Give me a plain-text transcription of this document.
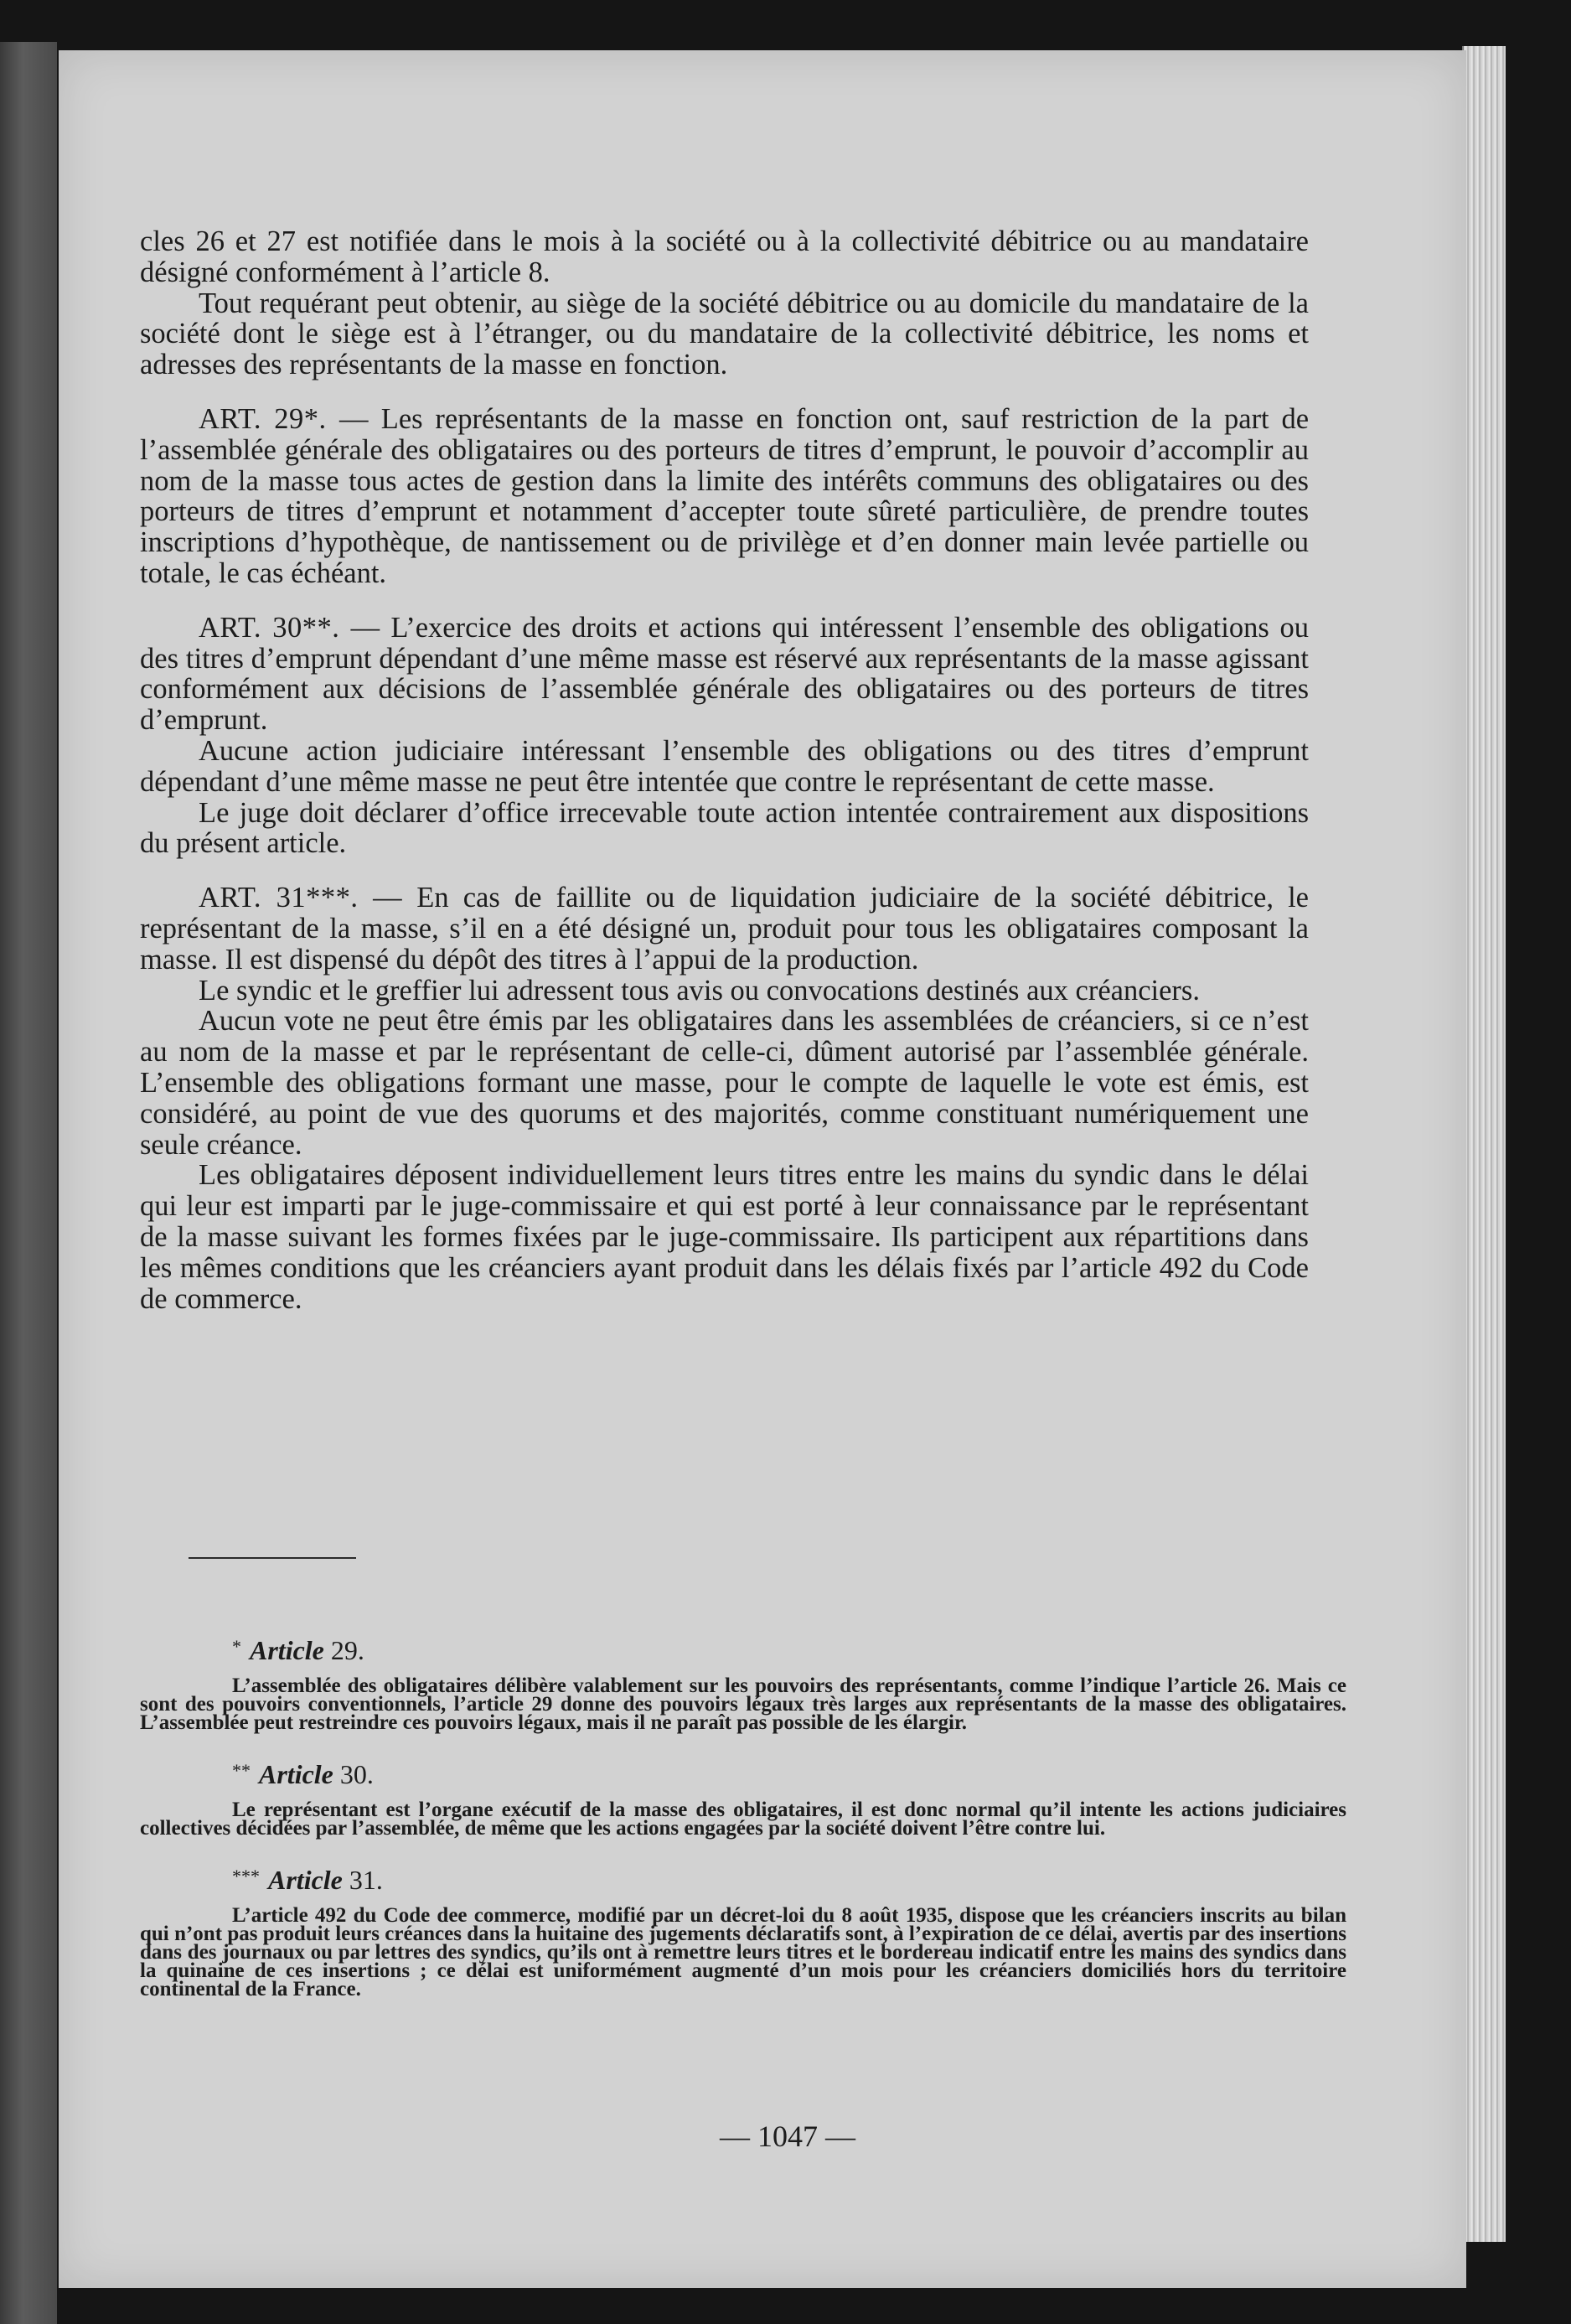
cles 26 et 27 est notifiée dans le mois à la société ou à la collectivité débitrice ou au mandataire désigné conformément à l’article 8.

Tout requérant peut obtenir, au siège de la société débitrice ou au domicile du mandataire de la société dont le siège est à l’étranger, ou du mandataire de la collectivité débitrice, les noms et adresses des représentants de la masse en fonction.

ART. 29*. — Les représentants de la masse en fonction ont, sauf restriction de la part de l’assemblée générale des obligataires ou des porteurs de titres d’emprunt, le pouvoir d’accomplir au nom de la masse tous actes de gestion dans la limite des intérêts communs des obligataires ou des porteurs de titres d’emprunt et notamment d’accepter toute sûreté particulière, de prendre toutes inscriptions d’hypothèque, de nantissement ou de privilège et d’en donner main levée partielle ou totale, le cas échéant.

ART. 30**. — L’exercice des droits et actions qui intéressent l’ensemble des obligations ou des titres d’emprunt dépendant d’une même masse est réservé aux représentants de la masse agissant conformément aux décisions de l’assemblée générale des obligataires ou des porteurs de titres d’emprunt.

Aucune action judiciaire intéressant l’ensemble des obligations ou des titres d’emprunt dépendant d’une même masse ne peut être intentée que contre le représentant de cette masse.

Le juge doit déclarer d’office irrecevable toute action intentée contrairement aux dispositions du présent article.

ART. 31***. — En cas de faillite ou de liquidation judiciaire de la société débitrice, le représentant de la masse, s’il en a été désigné un, produit pour tous les obligataires composant la masse. Il est dispensé du dépôt des titres à l’appui de la production.

Le syndic et le greffier lui adressent tous avis ou convocations destinés aux créanciers.

Aucun vote ne peut être émis par les obligataires dans les assemblées de créanciers, si ce n’est au nom de la masse et par le représentant de celle-ci, dûment autorisé par l’assemblée générale. L’ensemble des obligations formant une masse, pour le compte de laquelle le vote est émis, est considéré, au point de vue des quorums et des majorités, comme constituant numériquement une seule créance.

Les obligataires déposent individuellement leurs titres entre les mains du syndic dans le délai qui leur est imparti par le juge-commissaire et qui est porté à leur connaissance par le représentant de la masse suivant les formes fixées par le juge-commissaire. Ils participent aux répartitions dans les mêmes conditions que les créanciers ayant produit dans les délais fixés par l’article 492 du Code de commerce.

* Article 29.

L’assemblée des obligataires délibère valablement sur les pouvoirs des représentants, comme l’indique l’article 26. Mais ce sont des pouvoirs conventionnels, l’article 29 donne des pouvoirs légaux très larges aux représentants de la masse des obligataires. L’assemblée peut restreindre ces pouvoirs légaux, mais il ne paraît pas possible de les élargir.

** Article 30.

Le représentant est l’organe exécutif de la masse des obligataires, il est donc normal qu’il intente les actions judiciaires collectives décidées par l’assemblée, de même que les actions engagées par la société doivent l’être contre lui.

*** Article 31.

L’article 492 du Code dee commerce, modifié par un décret-loi du 8 août 1935, dispose que les créanciers inscrits au bilan qui n’ont pas produit leurs créances dans la huitaine des jugements déclaratifs sont, à l’expiration de ce délai, avertis par des insertions dans des journaux ou par lettres des syndics, qu’ils ont à remettre leurs titres et le bordereau indicatif entre les mains des syndics dans la quinaine de ces insertions ; ce délai est uniformément augmenté d’un mois pour les créanciers domiciliés hors du territoire continental de la France.

— 1047 —
